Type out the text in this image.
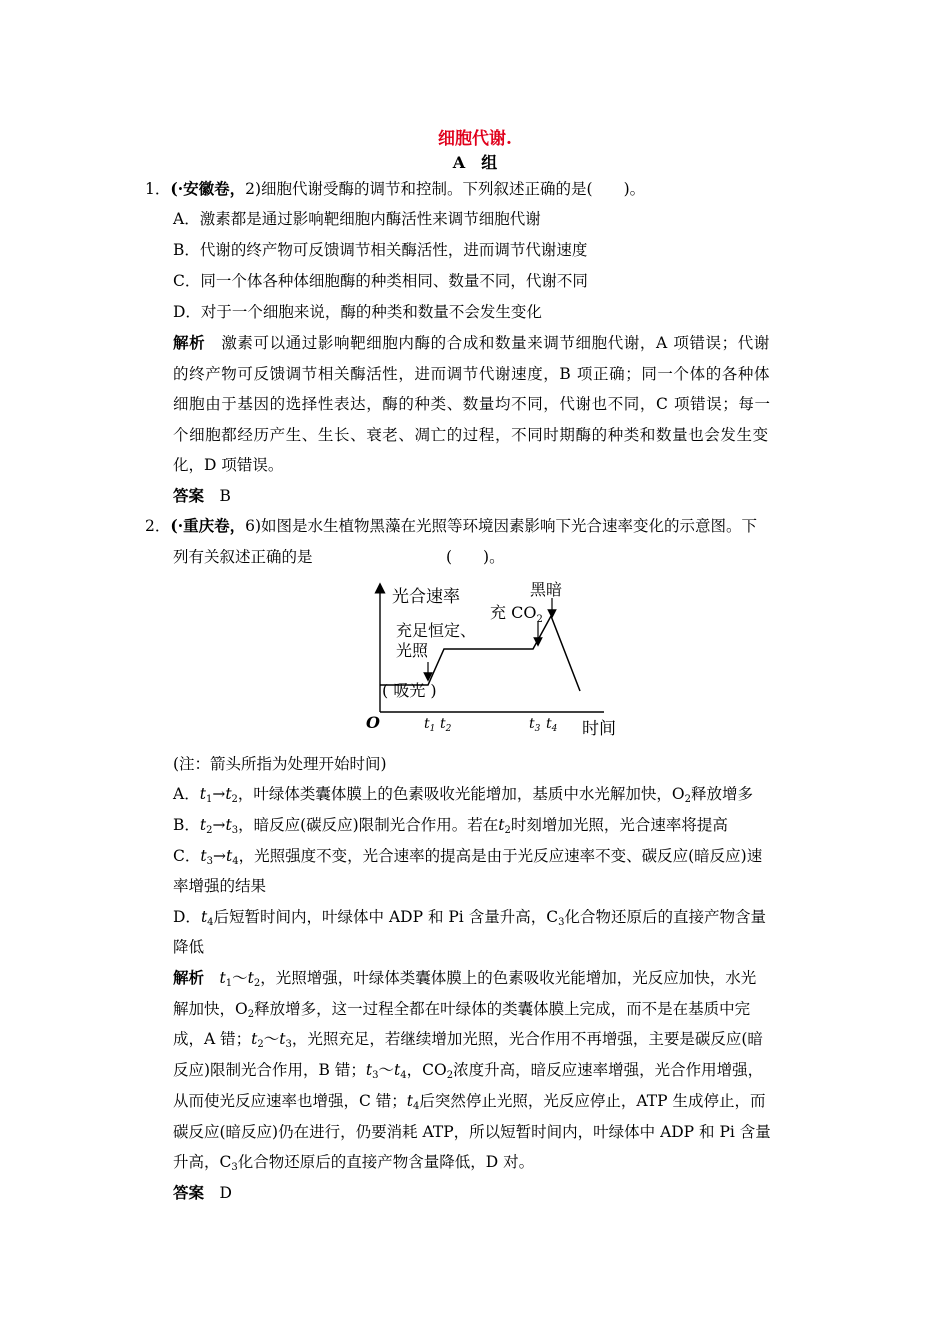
细胞代谢.
A　组
1．(·安徽卷，2)细胞代谢受酶的调节和控制。下列叙述正确的是(　　)。
A．激素都是通过影响靶细胞内酶活性来调节细胞代谢
B．代谢的终产物可反馈调节相关酶活性，进而调节代谢速度
C．同一个体各种体细胞酶的种类相同、数量不同，代谢不同
D．对于一个细胞来说，酶的种类和数量不会发生变化
解析　 激素可以通过影响靶细胞内酶的合成和数量来调节细胞代谢，A 项错误；代谢
的终产物可反馈调节相关酶活性，进而调节代谢速度，B 项正确；同一个体的各种体
细胞由于基因的选择性表达，酶的种类、数量均不同，代谢也不同，C 项错误；每一
个细胞都经历产生、生长、衰老、凋亡的过程，不同时期酶的种类和数量也会发生变
化，D 项错误。
答案　 B
2．(·重庆卷，6)如图是水生植物黑藻在光照等环境因素影响下光合速率变化的示意图。下
列有关叙述正确的是	(　　)。
光合速率
O	时间
$t_1$ $t_2$	$t_3$ $t_4$
充足恒定、
光照
充 $CO_2$
黑暗
( 吸光 )
(注：箭头所指为处理开始时间)
A．$t_1\to t_2$，叶绿体类囊体膜上的色素吸收光能增加，基质中水光解加快，$O_2$释放增多
B．$t_2\to t_3$，暗反应(碳反应)限制光合作用。若在$t_2$时刻增加光照，光合速率将提高
C．$t_3\to t_4$，光照强度不变，光合速率的提高是由于光反应速率不变、碳反应(暗反应)速
率增强的结果
D．$t_4$后短暂时间内，叶绿体中 ADP 和 Pi 含量升高，$C_3$化合物还原后的直接产物含量
降低
解析　 $t_1\sim t_2$，光照增强，叶绿体类囊体膜上的色素吸收光能增加，光反应加快，水光
解加快，$O_2$释放增多，这一过程全都在叶绿体的类囊体膜上完成，而不是在基质中完
成，A 错；$t_2\sim t_3$，光照充足，若继续增加光照，光合作用不再增强，主要是碳反应(暗
反应)限制光合作用，B 错；$t_3\sim t_4$，$CO_2$浓度升高，暗反应速率增强，光合作用增强，
从而使光反应速率也增强，C 错；$t_4$后突然停止光照，光反应停止，ATP 生成停止，而
碳反应(暗反应)仍在进行，仍要消耗 ATP，所以短暂时间内，叶绿体中 ADP 和 Pi 含量
升高，$C_3$化合物还原后的直接产物含量降低，D 对。
答案　 D
